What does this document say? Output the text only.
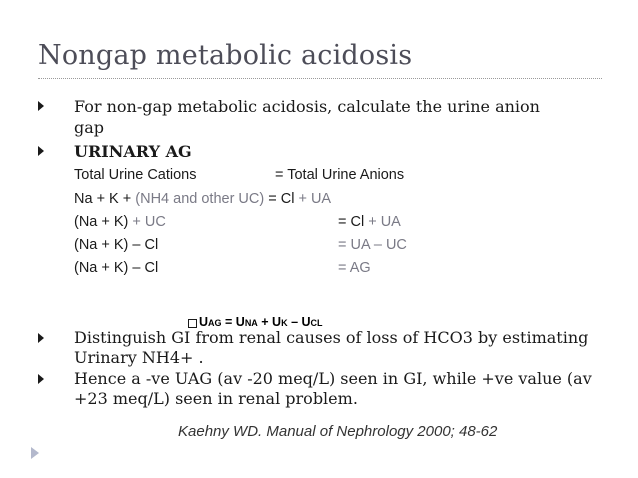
Nongap metabolic acidosis
For non-gap metabolic acidosis, calculate the urine anion
gap
URINARY AG
Total Urine Cations	= Total Urine Anions
Na + K + (NH4 and other UC) = Cl + UA
(Na + K) + UC	= Cl + UA
(Na + K) – Cl	= UA – UC
(Na + K) – Cl	= AG
UAG = UNA + UK – UCL
Distinguish GI from renal causes of loss of HCO3 by estimating
Urinary NH4+ .
Hence a -ve UAG (av -20 meq/L) seen in GI, while +ve value (av
+23 meq/L) seen in renal problem.
Kaehny WD. Manual of Nephrology 2000; 48-62
